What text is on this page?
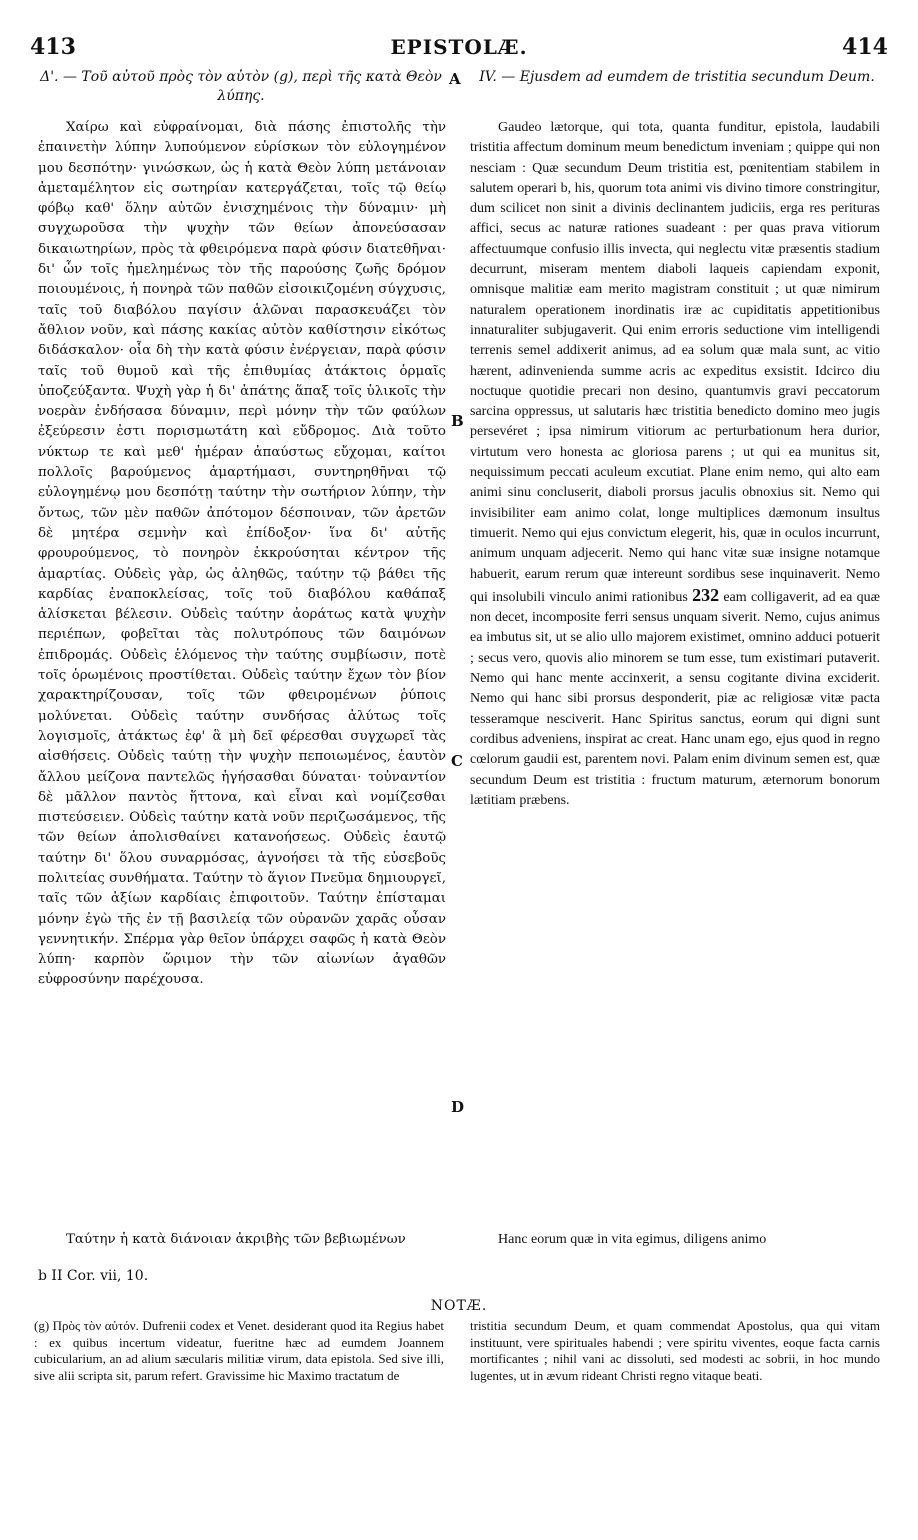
413	EPISTOLÆ.	414
Δ'. — Τοῦ αὐτοῦ πρὸς τὸν αὐτὸν (g), περὶ τῆς κατὰ Θεὸν λύπης.
IV. — Ejusdem ad eumdem de tristitia secundum Deum.
A
B
C
D

Χαίρω καὶ εὐφραίνομαι, διὰ πάσης ἐπιστολῆς τὴν ἐπαινετὴν λύπην λυπούμενον εὑρίσκων τὸν εὐλογημένον μου δεσπότην· γινώσκων, ὡς ἡ κατὰ Θεὸν λύπη μετάνοιαν ἀμεταμέλητον εἰς σωτηρίαν κατεργάζεται, τοῖς τῷ θείῳ φόβῳ καθ' ὅλην αὐτῶν ἐνισχημένοις τὴν δύναμιν· μὴ συγχωροῦσα τὴν ψυχὴν τῶν θείων ἀπονεύσασαν δικαιωτηρίων, πρὸς τὰ φθειρόμενα παρὰ φύσιν διατεθῆναι· δι' ὧν τοῖς ἠμελημένως τὸν τῆς παρούσης ζωῆς δρόμον ποιουμένοις, ἡ πονηρὰ τῶν παθῶν εἰσοικιζομένη σύγχυσις, ταῖς τοῦ διαβόλου παγίσιν ἁλῶναι παρασκευάζει τὸν ἄθλιον νοῦν, καὶ πάσης κακίας αὐτὸν καθίστησιν εἰκότως διδάσκαλον· οἷα δὴ τὴν κατὰ φύσιν ἐνέργειαν, παρὰ φύσιν ταῖς τοῦ θυμοῦ καὶ τῆς ἐπιθυμίας ἀτάκτοις ὁρμαῖς ὑποζεύξαντα. Ψυχὴ γὰρ ἡ δι' ἀπάτης ἅπαξ τοῖς ὑλικοῖς τὴν νοερὰν ἐνδήσασα δύναμιν, περὶ μόνην τὴν τῶν φαύλων ἐξεύρεσιν ἐστι πορισμωτάτη καὶ εὔδρομος. Διὰ τοῦτο νύκτωρ τε καὶ μεθ' ἡμέραν ἀπαύστως εὔχομαι, καίτοι πολλοῖς βαρούμενος ἁμαρτήμασι, συντηρηθῆναι τῷ εὐλογημένῳ μου δεσπότῃ ταύτην τὴν σωτήριον λύπην, τὴν ὄντως, τῶν μὲν παθῶν ἀπότομον δέσποιναν, τῶν ἀρετῶν δὲ μητέρα σεμνὴν καὶ ἐπίδοξον· ἵνα δι' αὐτῆς φρουρούμενος, τὸ πονηρὸν ἐκκρούσηται κέντρον τῆς ἁμαρτίας. Οὐδεὶς γὰρ, ὡς ἀληθῶς, ταύτην τῷ βάθει τῆς καρδίας ἐναποκλείσας, τοῖς τοῦ διαβόλου καθάπαξ ἁλίσκεται βέλεσιν. Οὐδεὶς ταύτην ἀοράτως κατὰ ψυχὴν περιέπων, φοβεῖται τὰς πολυτρόπους τῶν δαιμόνων ἐπιδρομάς. Οὐδεὶς ἑλόμενος τὴν ταύτης συμβίωσιν, ποτὲ τοῖς ὁρωμένοις προστίθεται. Οὐδεὶς ταύτην ἔχων τὸν βίον χαρακτηρίζουσαν, τοῖς τῶν φθειρομένων ῥύποις μολύνεται. Οὐδεὶς ταύτην συνδήσας ἀλύτως τοῖς λογισμοῖς, ἀτάκτως ἐφ' ἃ μὴ δεῖ φέρεσθαι συγχωρεῖ τὰς αἰσθήσεις. Οὐδεὶς ταύτῃ τὴν ψυχὴν πεποιωμένος, ἑαυτὸν ἄλλου μείζονα παντελῶς ἡγήσασθαι δύναται· τοὐναντίον δὲ μᾶλλον παντὸς ἥττονα, καὶ εἶναι καὶ νομίζεσθαι πιστεύσειεν. Οὐδεὶς ταύτην κατὰ νοῦν περιζωσάμενος, τῆς τῶν θείων ἀπολισθαίνει κατανοήσεως. Οὐδεὶς ἑαυτῷ ταύτην δι' ὅλου συναρμόσας, ἀγνοήσει τὰ τῆς εὐσεβοῦς πολιτείας συνθήματα. Ταύτην τὸ ἅγιον Πνεῦμα δημιουργεῖ, ταῖς τῶν ἀξίων καρδίαις ἐπιφοιτοῦν. Ταύτην ἐπίσταμαι μόνην ἐγὼ τῆς ἐν τῇ βασιλείᾳ τῶν οὐρανῶν χαρᾶς οὖσαν γεννητικήν. Σπέρμα γὰρ θεῖον ὑπάρχει σαφῶς ἡ κατὰ Θεὸν λύπη· καρπὸν ὥριμον τὴν τῶν αἰωνίων ἀγαθῶν εὐφροσύνην παρέχουσα.

Gaudeo lætorque, qui tota, quanta funditur, epistola, laudabili tristitia affectum dominum meum benedictum inveniam ; quippe qui non nesciam : Quæ secundum Deum tristitia est, pœnitentiam stabilem in salutem operari b, his, quorum tota animi vis divino timore constringitur, dum scilicet non sinit a divinis declinantem judiciis, erga res perituras affici, secus ac naturæ rationes suadeant : per quas prava vitiorum affectuumque confusio illis invecta, qui neglectu vitæ præsentis stadium decurrunt, miseram mentem diaboli laqueis capiendam exponit, omnisque malitiæ eam merito magistram constituit ; ut quæ nimirum naturalem operationem inordinatis iræ ac cupiditatis appetitionibus innaturaliter subjugaverit. Qui enim erroris seductione vim intelligendi terrenis semel addixerit animus, ad ea solum quæ mala sunt, ac vitio hærent, adinvenienda summe acris ac expeditus exsistit. Idcirco diu noctuque quotidie precari non desino, quantumvis gravi peccatorum sarcina oppressus, ut salutaris hæc tristitia benedicto domino meo jugis persevéret ; ipsa nimirum vitiorum ac perturbationum hera durior, virtutum vero honesta ac gloriosa parens ; ut qui ea munitus sit, nequissimum peccati aculeum excutiat. Plane enim nemo, qui alto eam animi sinu concluserit, diaboli prorsus jaculis obnoxius sit. Nemo qui invisibiliter eam animo colat, longe multiplices dæmonum insultus timuerit. Nemo qui ejus convictum elegerit, his, quæ in oculos incurrunt, animum unquam adjecerit. Nemo qui hanc vitæ suæ insigne notamque habuerit, earum rerum quæ intereunt sordibus sese inquinaverit. Nemo qui insolubili vinculo animi rationibus 232 eam colligaverit, ad ea quæ non decet, incomposite ferri sensus unquam siverit. Nemo, cujus animus ea imbutus sit, ut se alio ullo majorem existimet, omnino adduci potuerit ; secus vero, quovis alio minorem se tum esse, tum existimari putaverit. Nemo qui hanc mente accinxerit, a sensu cogitante divina exciderit. Nemo qui hanc sibi prorsus desponderit, piæ ac religiosæ vitæ pacta tesseramque nesciverit. Hanc Spiritus sanctus, eorum qui digni sunt cordibus adveniens, inspirat ac creat. Hanc unam ego, ejus quod in regno cœlorum gaudii est, parentem novi. Palam enim divinum semen est, quæ secundum Deum est tristitia : fructum maturum, æternorum bonorum lætitiam præbens.

Ταύτην ἡ κατὰ διάνοιαν ἀκριβὴς τῶν βεβιωμένων	Hanc eorum quæ in vita egimus, diligens animo
b II Cor. vii, 10.
NOTÆ.
(g) Πρὸς τὸν αὐτόν. Dufrenii codex et Venet. desiderant quod ita Regius habet : ex quibus incertum videatur, fueritne hæc ad eumdem Joannem cubicularium, an ad alium sæcularis militiæ virum, data epistola. Sed sive illi, sive alii scripta sit, parum refert. Gravissime hic Maximo tractatum de
tristitia secundum Deum, et quam commendat Apostolus, qua qui vitam instituunt, vere spirituales habendi ; vere spiritu viventes, eoque facta carnis mortificantes ; nihil vani ac dissoluti, sed modesti ac sobrii, in hoc mundo lugentes, ut in ævum rideant Christi regno vitaque beati.
